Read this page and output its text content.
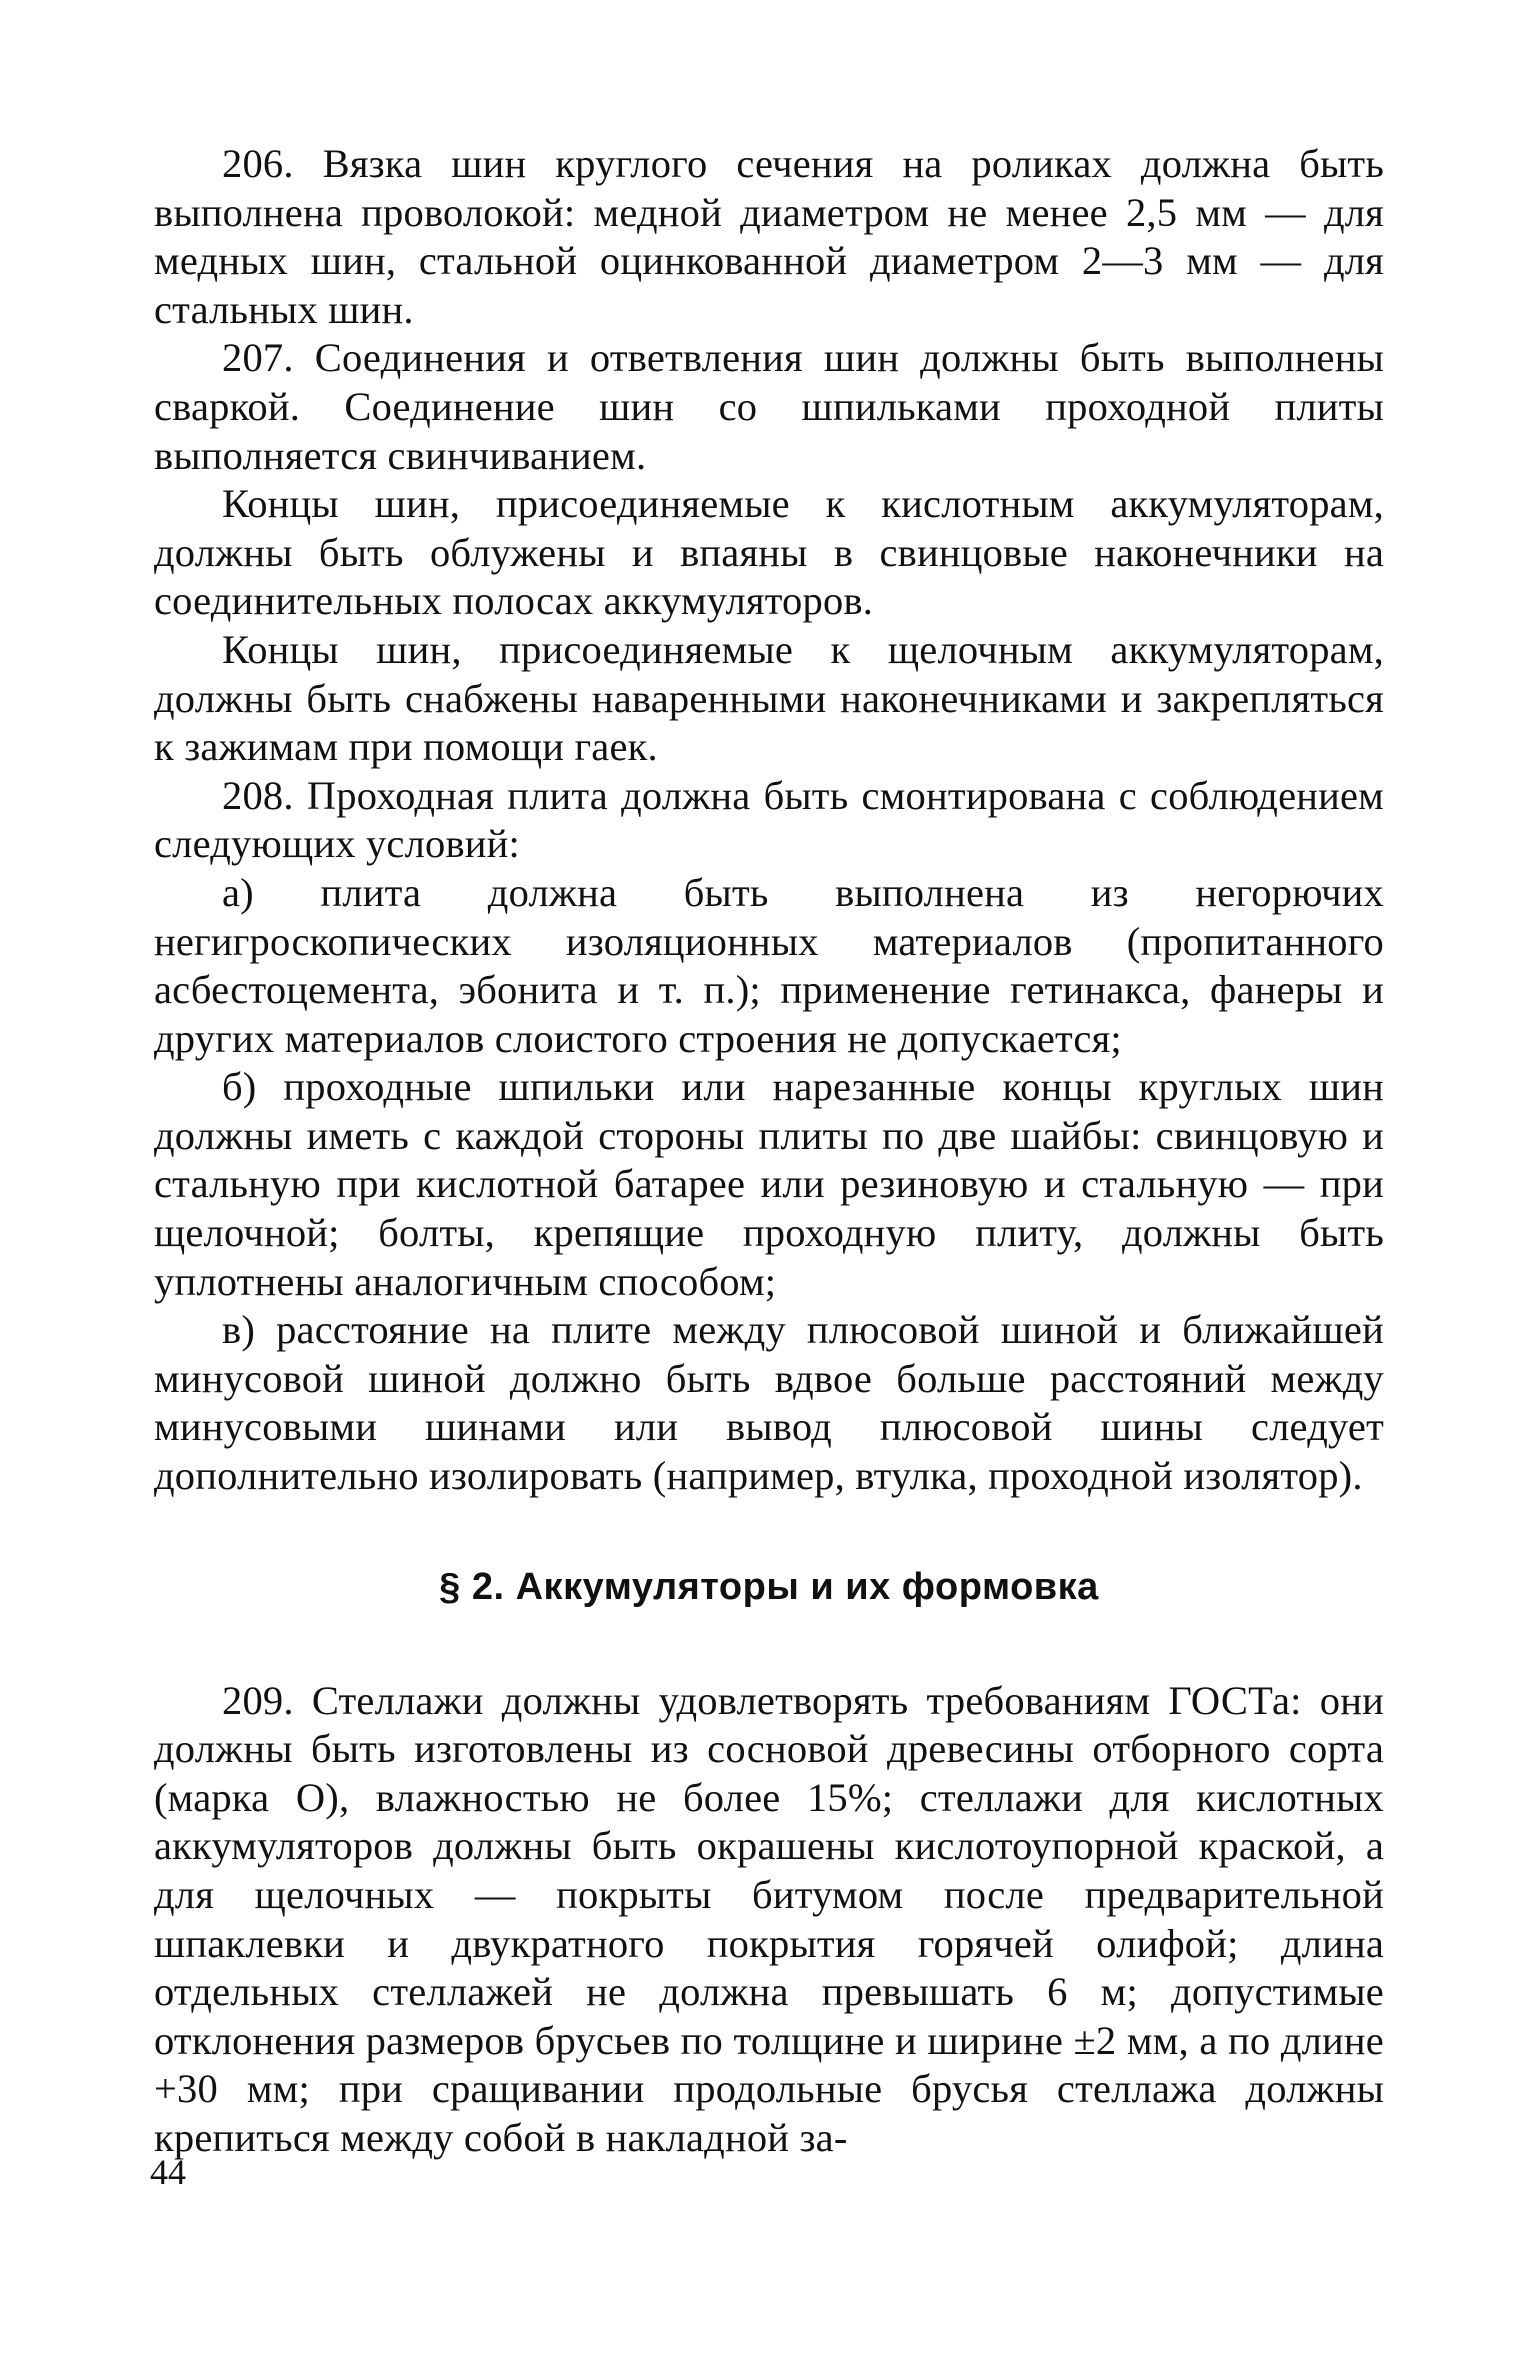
206. Вязка шин круглого сечения на роликах должна быть выполнена проволокой: медной диаметром не менее 2,5 мм — для медных шин, стальной оцинкованной диаметром 2—3 мм — для стальных шин.

207. Соединения и ответвления шин должны быть выполнены сваркой. Соединение шин со шпильками проходной плиты выполняется свинчиванием.

Концы шин, присоединяемые к кислотным аккумуляторам, должны быть облужены и впаяны в свинцовые наконечники на соединительных полосах аккумуляторов.

Концы шин, присоединяемые к щелочным аккумуляторам, должны быть снабжены наваренными наконечниками и закрепляться к зажимам при помощи гаек.

208. Проходная плита должна быть смонтирована с соблюдением следующих условий:

а) плита должна быть выполнена из негорючих негигроскопических изоляционных материалов (пропитанного асбестоцемента, эбонита и т. п.); применение гетинакса, фанеры и других материалов слоистого строения не допускается;

б) проходные шпильки или нарезанные концы круглых шин должны иметь с каждой стороны плиты по две шайбы: свинцовую и стальную при кислотной батарее или резиновую и стальную — при щелочной; болты, крепящие проходную плиту, должны быть уплотнены аналогичным способом;

в) расстояние на плите между плюсовой шиной и ближайшей минусовой шиной должно быть вдвое больше расстояний между минусовыми шинами или вывод плюсовой шины следует дополнительно изолировать (например, втулка, проходной изолятор).

§ 2. Аккумуляторы и их формовка

209. Стеллажи должны удовлетворять требованиям ГОСТа: они должны быть изготовлены из сосновой древесины отборного сорта (марка О), влажностью не более 15%; стеллажи для кислотных аккумуляторов должны быть окрашены кислотоупорной краской, а для щелочных — покрыты битумом после предварительной шпаклевки и двукратного покрытия горячей олифой; длина отдельных стеллажей не должна превышать 6 м; допустимые отклонения размеров брусьев по толщине и ширине ±2 мм, а по длине +30 мм; при сращивании продольные брусья стеллажа должны крепиться между собой в накладной за-

44
